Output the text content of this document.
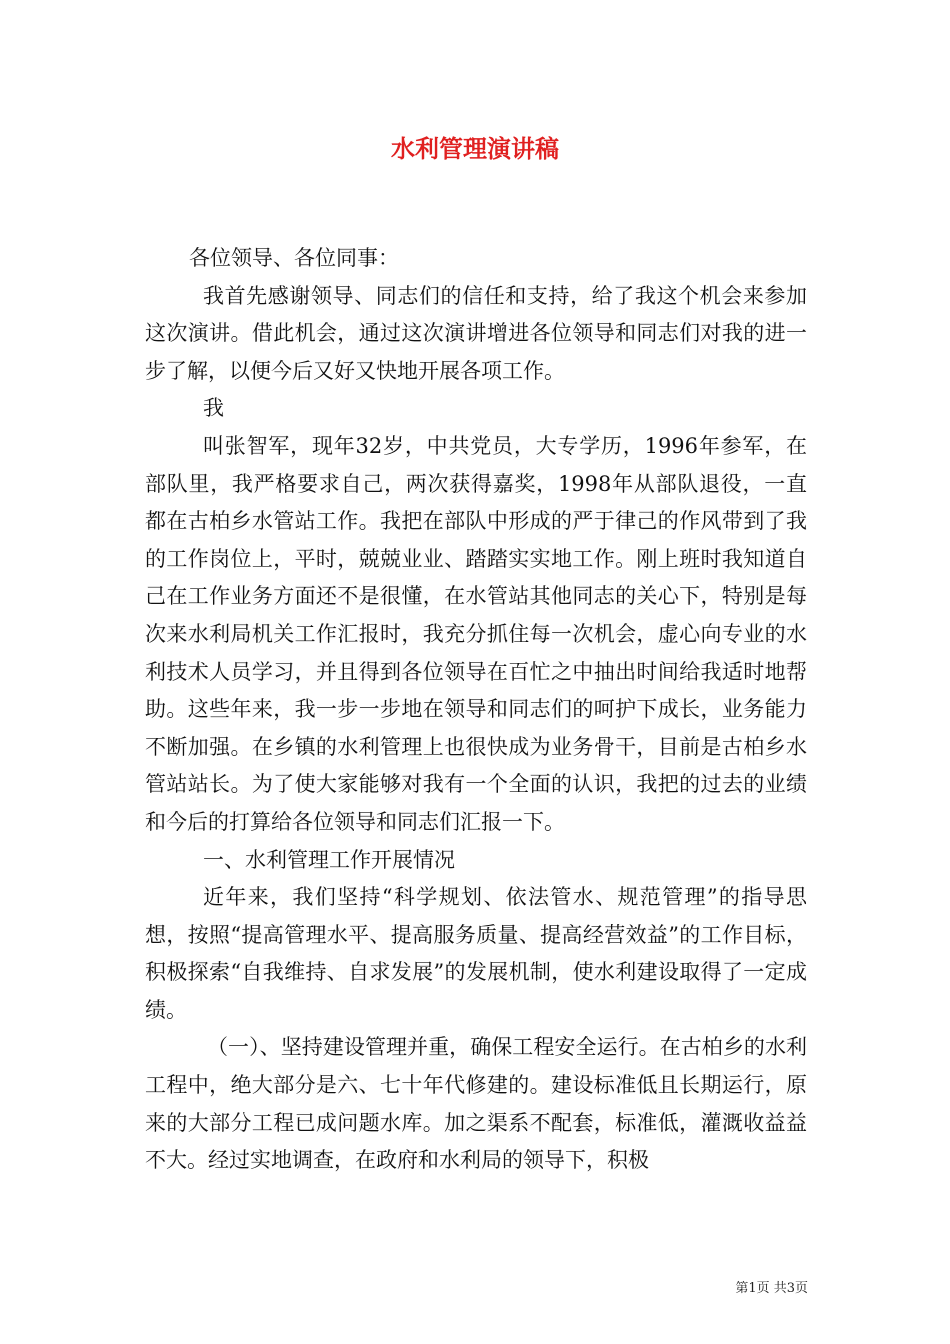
水利管理演讲稿

各位领导、各位同事：

我首先感谢领导、同志们的信任和支持，给了我这个机会来参加这次演讲。借此机会，通过这次演讲增进各位领导和同志们对我的进一步了解，以便今后又好又快地开展各项工作。

我

叫张智军，现年32岁，中共党员，大专学历，1996年参军，在部队里，我严格要求自己，两次获得嘉奖，1998年从部队退役，一直都在古柏乡水管站工作。我把在部队中形成的严于律己的作风带到了我的工作岗位上，平时，兢兢业业、踏踏实实地工作。刚上班时我知道自己在工作业务方面还不是很懂，在水管站其他同志的关心下，特别是每次来水利局机关工作汇报时，我充分抓住每一次机会，虚心向专业的水利技术人员学习，并且得到各位领导在百忙之中抽出时间给我适时地帮助。这些年来，我一步一步地在领导和同志们的呵护下成长，业务能力不断加强。在乡镇的水利管理上也很快成为业务骨干，目前是古柏乡水管站站长。为了使大家能够对我有一个全面的认识，我把的过去的业绩和今后的打算给各位领导和同志们汇报一下。

一、水利管理工作开展情况

近年来，我们坚持“科学规划、依法管水、规范管理”的指导思想，按照“提高管理水平、提高服务质量、提高经营效益”的工作目标，积极探索“自我维持、自求发展”的发展机制，使水利建设取得了一定成绩。

（一）、坚持建设管理并重，确保工程安全运行。在古柏乡的水利工程中，绝大部分是六、七十年代修建的。建设标准低且长期运行，原来的大部分工程已成问题水库。加之渠系不配套，标准低，灌溉收益益不大。经过实地调查，在政府和水利局的领导下，积极

第1页 共3页
